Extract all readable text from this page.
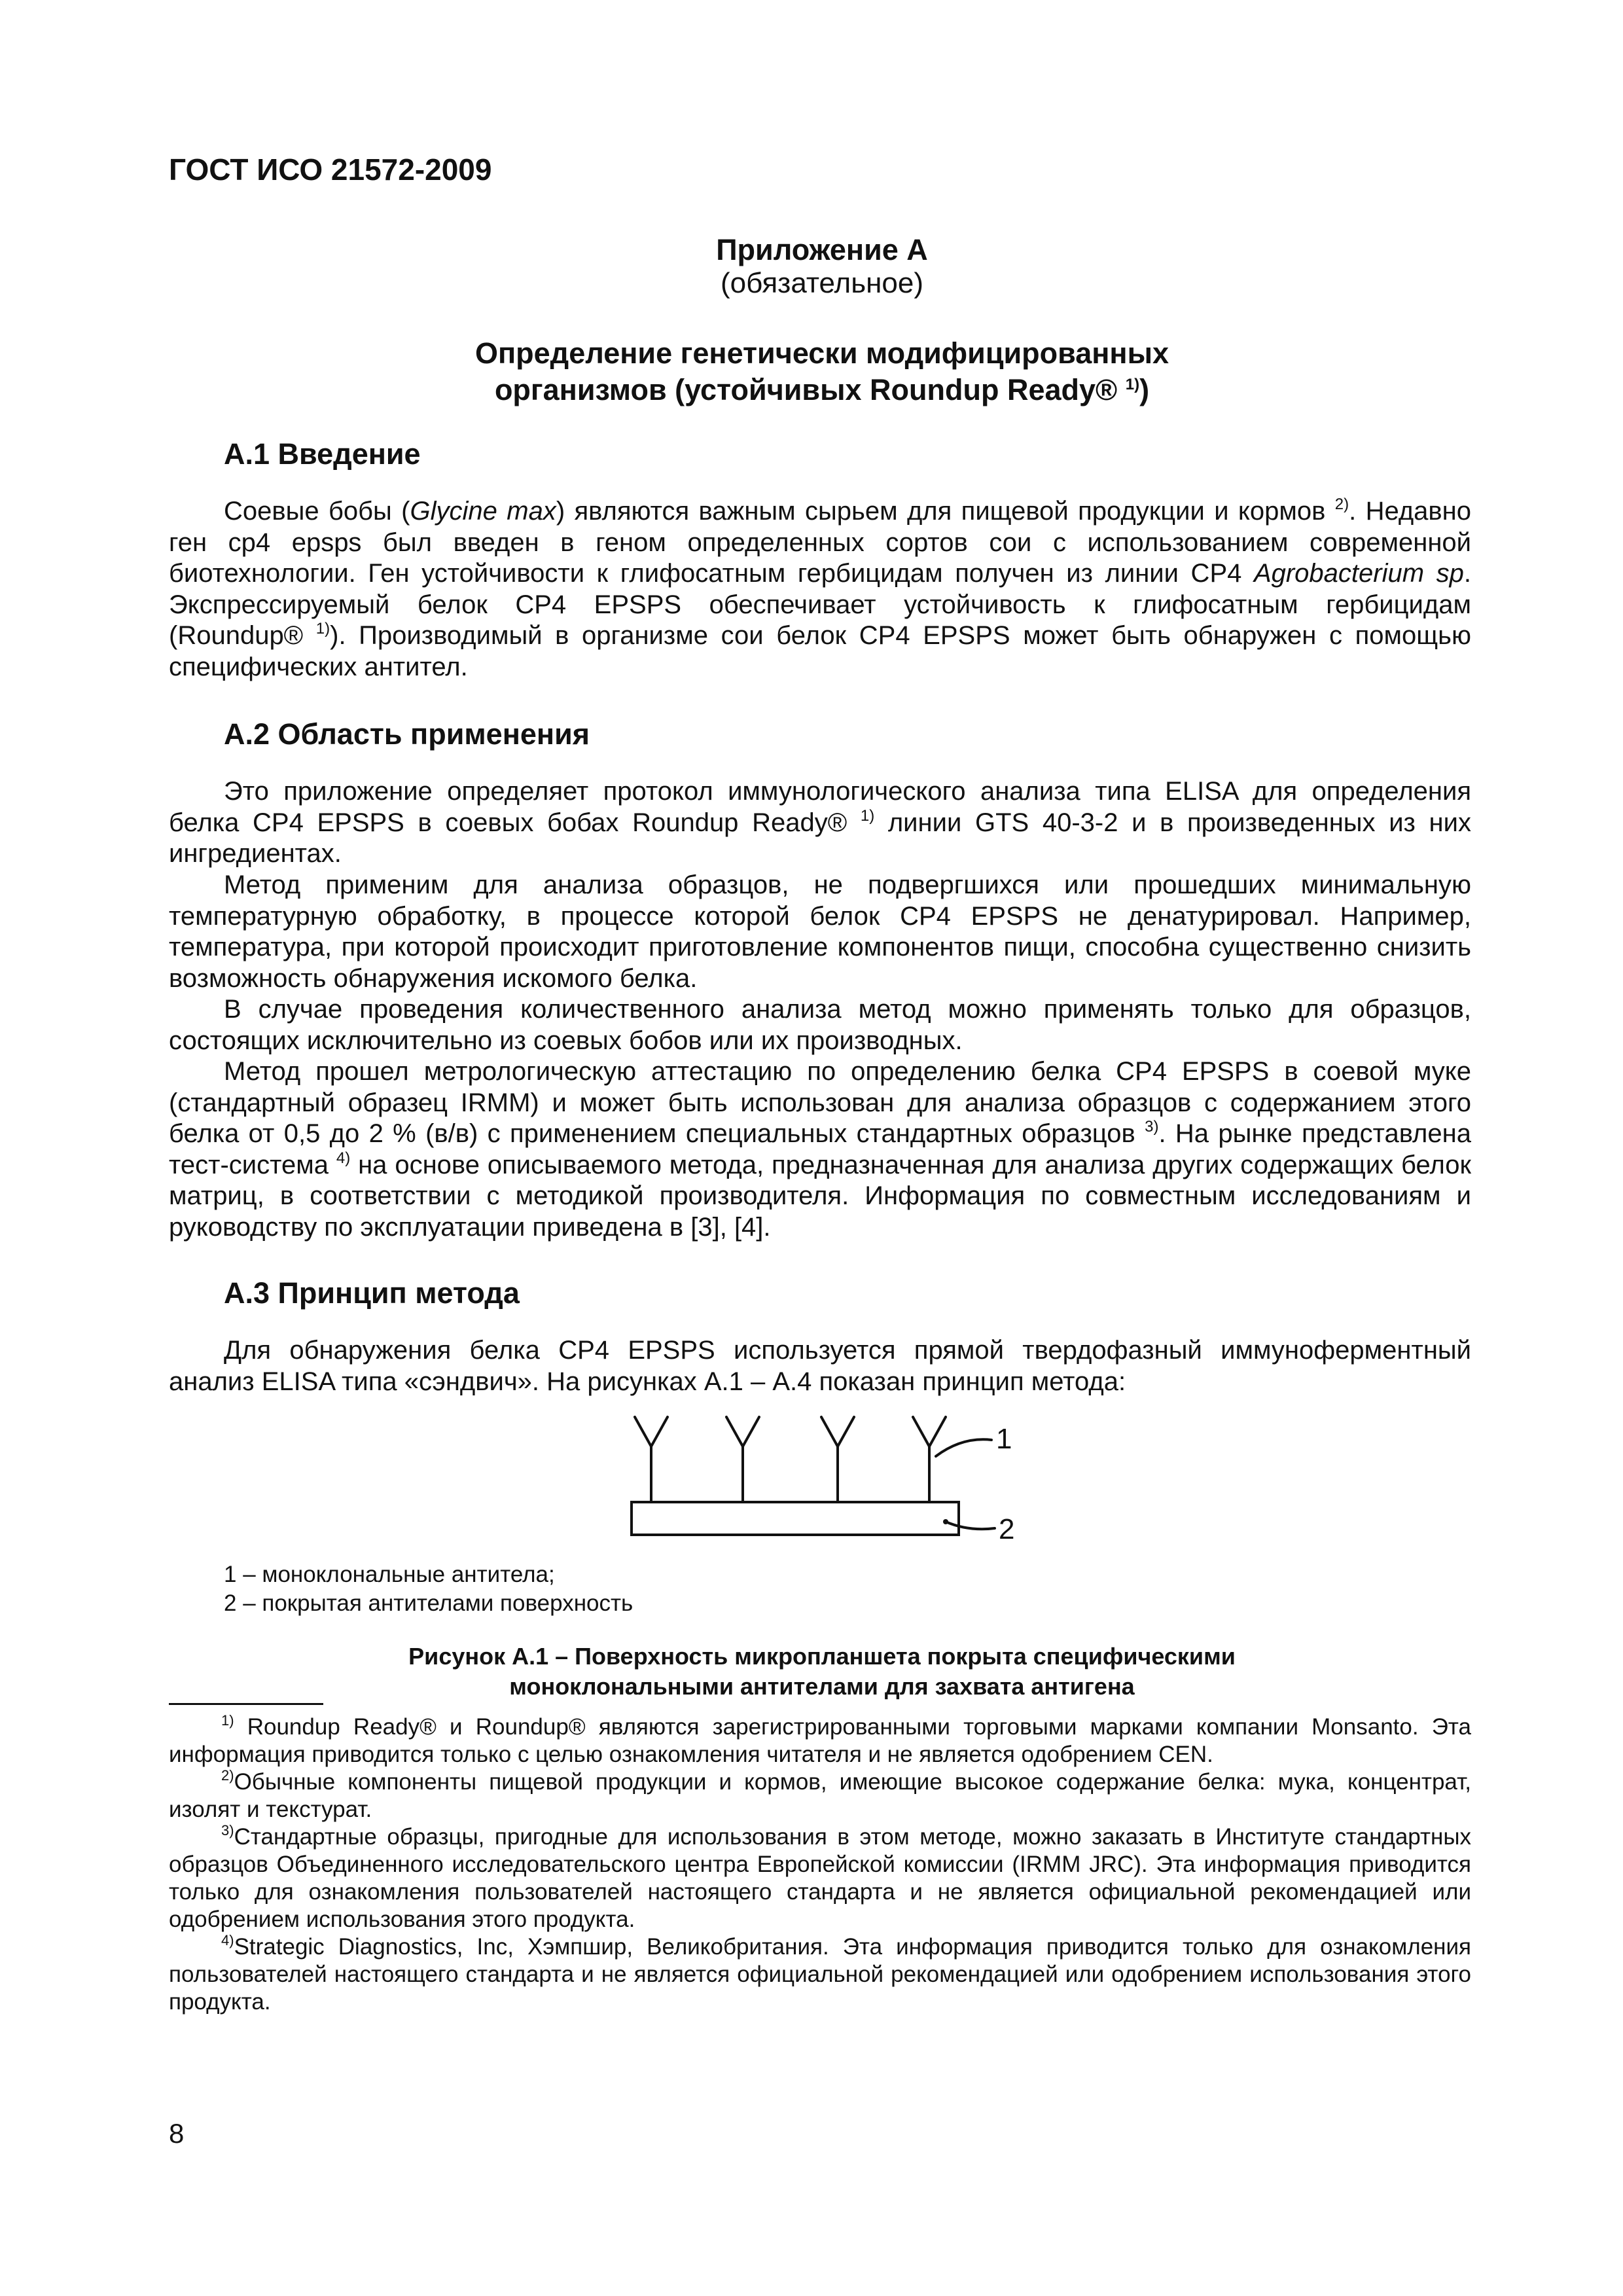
ГОСТ ИСО 21572-2009
Приложение А
(обязательное)
Определение генетически модифицированных
организмов (устойчивых Roundup Ready® $^{1)}$)
А.1 Введение

Соевые бобы (Glycine max) являются важным сырьем для пищевой продукции и кормов $^{2)}$. Недавно ген cp4 epsps был введен в геном определенных сортов сои с использованием современной биотехнологии. Ген устойчивости к глифосатным гербицидам получен из линии CP4 Agrobacterium sp. Экспрессируемый белок CP4 EPSPS обеспечивает устойчивость к глифосатным гербицидам (Roundup® $^{1)}$). Производимый в организме сои белок CP4 EPSPS может быть обнаружен с помощью специфических антител.

А.2 Область применения

Это приложение определяет протокол иммунологического анализа типа ELISA для определения белка CP4 EPSPS в соевых бобах Roundup Ready® $^{1)}$ линии GTS 40-3-2 и в произведенных из них ингредиентах.

Метод применим для анализа образцов, не подвергшихся или прошедших минимальную температурную обработку, в процессе которой белок CP4 EPSPS не денатурировал. Например, температура, при которой происходит приготовление компонентов пищи, способна существенно снизить возможность обнаружения искомого белка.

В случае проведения количественного анализа метод можно применять только для образцов, состоящих исключительно из соевых бобов или их производных.

Метод прошел метрологическую аттестацию по определению белка CP4 EPSPS в соевой муке (стандартный образец IRMM) и может быть использован для анализа образцов с содержанием этого белка от 0,5 до 2 % (в/в) с применением специальных стандартных образцов $^{3)}$. На рынке представлена тест-система $^{4)}$ на основе описываемого метода, предназначенная для анализа других содержащих белок матриц, в соответствии с методикой производителя. Информация по совместным исследованиям и руководству по эксплуатации приведена в [3], [4].

А.3 Принцип метода

Для обнаружения белка CP4 EPSPS используется прямой твердофазный иммуноферментный анализ ELISA типа «сэндвич». На рисунках А.1 – А.4 показан принцип метода:

1
2
1 – моноклональные антитела;
2 – покрытая антителами поверхность
Рисунок А.1 – Поверхность микропланшета покрыта специфическими
моноклональными антителами для захвата антигена

$^{1)}$ Roundup Ready® и Roundup® являются зарегистрированными торговыми марками компании Monsanto. Эта информация приводится только с целью ознакомления читателя и не является одобрением CEN.

$^{2)}$Обычные компоненты пищевой продукции и кормов, имеющие высокое содержание белка: мука, концентрат, изолят и текстурат.

$^{3)}$Стандартные образцы, пригодные для использования в этом методе, можно заказать в Институте стандартных образцов Объединенного исследовательского центра Европейской комиссии (IRMM JRC). Эта информация приводится только для ознакомления пользователей настоящего стандарта и не является официальной рекомендацией или одобрением использования этого продукта.

$^{4)}$Strategic Diagnostics, Inc, Хэмпшир, Великобритания. Эта информация приводится только для ознакомления пользователей настоящего стандарта и не является официальной рекомендацией или одобрением использования этого продукта.

8
